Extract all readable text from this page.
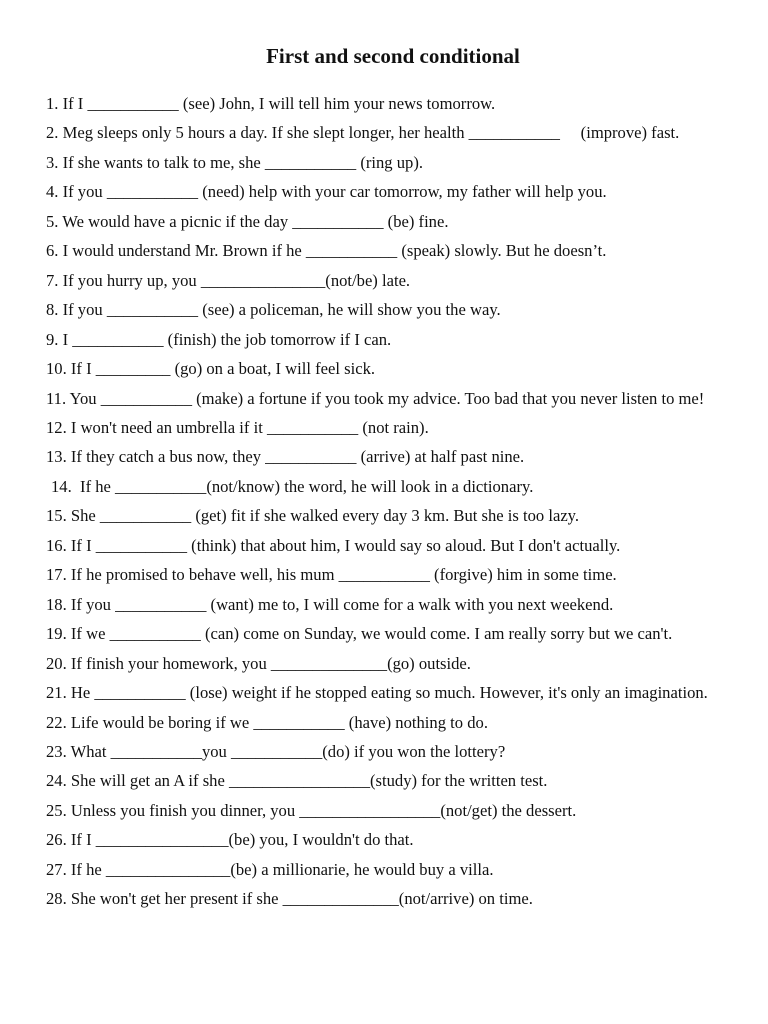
First and second conditional
1. If I ___________ (see) John, I will tell him your news tomorrow.
2. Meg sleeps only 5 hours a day. If she slept longer, her health ___________     (improve) fast.
3. If she wants to talk to me, she ___________ (ring up).
4. If you ___________ (need) help with your car tomorrow, my father will help you.
5. We would have a picnic if the day ___________ (be) fine.
6. I would understand Mr. Brown if he ___________ (speak) slowly. But he doesn’t.
7. If you hurry up, you _______________(not/be) late.
8. If you ___________ (see) a policeman, he will show you the way.
9. I ___________ (finish) the job tomorrow if I can.
10. If I _________ (go) on a boat, I will feel sick.
11. You ___________ (make) a fortune if you took my advice. Too bad that you never listen to me!
12. I won't need an umbrella if it ___________ (not rain).
13. If they catch a bus now, they ___________ (arrive) at half past nine.
14.  If he ___________(not/know) the word, he will look in a dictionary.
15. She ___________ (get) fit if she walked every day 3 km. But she is too lazy.
16. If I ___________ (think) that about him, I would say so aloud. But I don't actually.
17. If he promised to behave well, his mum ___________ (forgive) him in some time.
18. If you ___________ (want) me to, I will come for a walk with you next weekend.
19. If we ___________ (can) come on Sunday, we would come. I am really sorry but we can't.
20. If finish your homework, you ______________(go) outside.
21. He ___________ (lose) weight if he stopped eating so much. However, it's only an imagination.
22. Life would be boring if we ___________ (have) nothing to do.
23. What ___________you ___________(do) if you won the lottery?
24. She will get an A if she _________________(study) for the written test.
25. Unless you finish you dinner, you _________________(not/get) the dessert.
26. If I ________________(be) you, I wouldn't do that.
27. If he _______________(be) a millionarie, he would buy a villa.
28. She won't get her present if she ______________(not/arrive) on time.
